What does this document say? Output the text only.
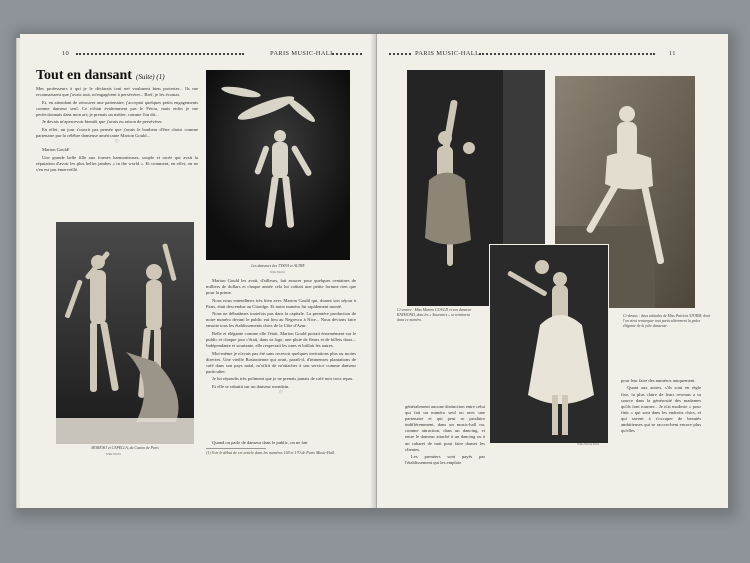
10	PARIS MUSIC-HALL
Tout en dansant (Suite) (1)

Mes professeurs à qui je le déclarais tout net voulurent bien protester... Ils me reconnaissent que j'avais tout, m'engagèrent à persévérer... Bref, je les écoutai.

Et, en attendant de retrouver une partenaire, j'acceptai quelques petits engagements comme danseur seul. Ce n'était évidemment pas le Pérou, mais enfin je me perfectionnais dans mon art; je prenais un métier, comme l'on dit...

Je devais m'apercevoir bientôt que j'avais eu raison de persévérer.

En effet, un jour s'ouvrit pas pensée que j'avais le bonheur d'être choisi comme partenaire par la célèbre danseuse américaine Marion Gould...

♡

Marion Gould!

Une grande belle fille aux formes harmonieuses, souple et racée qui avait la réputation d'avoir les plus belles jambes « in the world ». Et comment, en effet, on ne s'en est pas émerveillé.

Les danseurs des TYSNA et ALTRE
Wide World
MORENO et CAPELLA, du Casino de Paris
Wide World

Marion Gould les avait, d'ailleurs, fait assurer pour quelques centaines de milliers de dollars et chaque année cela lui coûtait une petite fortune rien que pour la prime.

Nous nous entendîmes très bien avec Marion Gould qui, durant son séjour à Paris, était descendue au Claridge. Et notre numéro fut rapidement monté.

Nous ne débutâmes toutefois pas dans la capitale. La première production de notre numéro devant le public eut lieu au Negresco à Nice... Nous devions faire ensuite tous les établissements chics de la Côte d'Azur.

Belle et élégante comme elle l'était, Marion Gould portait énormément sur le public et chaque jour c'était, dans sa loge, une pluie de fleurs et de billets doux... Indépendante et souriante, elle respectait les unes et brûlait les autres.

Moi-même je n'avais pas été sans recevoir quelques invitations plus ou moins directes. Une vieille Bostonienne qui avait, paraît-il, d'immenses plantations de café dans son pays natal, m'offrit de m'attacher à son service comme danseur particulier.

Je lui répondis très poliment que je ne prenais jamais de café noir trois repas.

Et elle se rabattit sur un danseur mondain.

♡

Quand on parle de danseur dans le public, on ne fait

(1) Voir le début de cet article dans les numéros 169 et 170 de Paris Music-Hall.
PARIS MUSIC-HALL	11
Ci-contre : Miss Marion GOULD et son danseur RAYMOND, dont les « Souvenirs » se terminent dans ce numéro.
Ci-dessus : deux attitudes de Miss Patricia STORM, dont l'on vient remarquer tout particulièrement la grâce élégante de la jolie danseuse.
Wide World, Paris

généralement aucune distinction entre celui qui fait un numéro seul ou avec une partenaire et qui peut se produire indifféremment, dans un music-hall ou, comme attraction, dans un dancing, et entre le danseur attaché à un dancing ou à un cabaret de nuit pour faire danser les clientes.

Les premiers sont payés par l'établissement qui les emploie

pour leur faire des numéros uniquement.

Quant aux autres, s'ils sont en règle fixe, la plus claire de leurs revenus a sa source dans la générosité des madames qu'ils font tourner... Je n'ai modeste « pour finir » qui sont dans les endroits chics, et qui savent à s'occuper de beautés ambitieuses qui se raccrochent encore plus qu'elles
